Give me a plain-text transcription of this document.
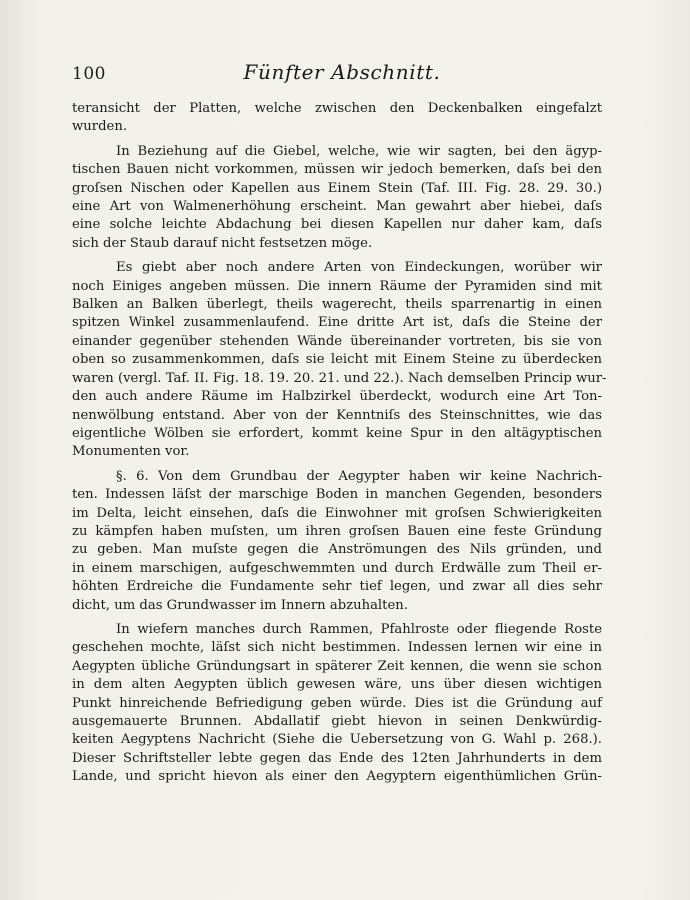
100	Fünfter Abschnitt.
teransicht der Platten, welche zwischen den Deckenbalken eingefalzt
wurden.
In Beziehung auf die Giebel, welche, wie wir sagten, bei den ägyp-
tischen Bauen nicht vorkommen, müssen wir jedoch bemerken, daſs bei den
groſsen Nischen oder Kapellen aus Einem Stein (Taf. III. Fig. 28. 29. 30.)
eine Art von Walmenerhöhung erscheint. Man gewahrt aber hiebei, daſs
eine solche leichte Abdachung bei diesen Kapellen nur daher kam, daſs
sich der Staub darauf nicht festsetzen möge.
Es giebt aber noch andere Arten von Eindeckungen, worüber wir
noch Einiges angeben müssen. Die innern Räume der Pyramiden sind mit
Balken an Balken überlegt, theils wagerecht, theils sparrenartig in einen
spitzen Winkel zusammenlaufend. Eine dritte Art ist, daſs die Steine der
einander gegenüber stehenden Wände übereinander vortreten, bis sie von
oben so zusammenkommen, daſs sie leicht mit Einem Steine zu überdecken
waren (vergl. Taf. II. Fig. 18. 19. 20. 21. und 22.). Nach demselben Princip wur-
den auch andere Räume im Halbzirkel überdeckt, wodurch eine Art Ton-
nenwölbung entstand. Aber von der Kenntniſs des Steinschnittes, wie das
eigentliche Wölben sie erfordert, kommt keine Spur in den altägyptischen
Monumenten vor.
§. 6. Von dem Grundbau der Aegypter haben wir keine Nachrich-
ten. Indessen läſst der marschige Boden in manchen Gegenden, besonders
im Delta, leicht einsehen, daſs die Einwohner mit groſsen Schwierigkeiten
zu kämpfen haben muſsten, um ihren groſsen Bauen eine feste Gründung
zu geben. Man muſste gegen die Anströmungen des Nils gründen, und
in einem marschigen, aufgeschwemmten und durch Erdwälle zum Theil er-
höhten Erdreiche die Fundamente sehr tief legen, und zwar all dies sehr
dicht, um das Grundwasser im Innern abzuhalten.
In wiefern manches durch Rammen, Pfahlroste oder fliegende Roste
geschehen mochte, läſst sich nicht bestimmen. Indessen lernen wir eine in
Aegypten übliche Gründungsart in späterer Zeit kennen, die wenn sie schon
in dem alten Aegypten üblich gewesen wäre, uns über diesen wichtigen
Punkt hinreichende Befriedigung geben würde. Dies ist die Gründung auf
ausgemauerte Brunnen. Abdallatif giebt hievon in seinen Denkwürdig-
keiten Aegyptens Nachricht (Siehe die Uebersetzung von G. Wahl p. 268.).
Dieser Schriftsteller lebte gegen das Ende des 12ten Jahrhunderts in dem
Lande, und spricht hievon als einer den Aegyptern eigenthümlichen Grün-
